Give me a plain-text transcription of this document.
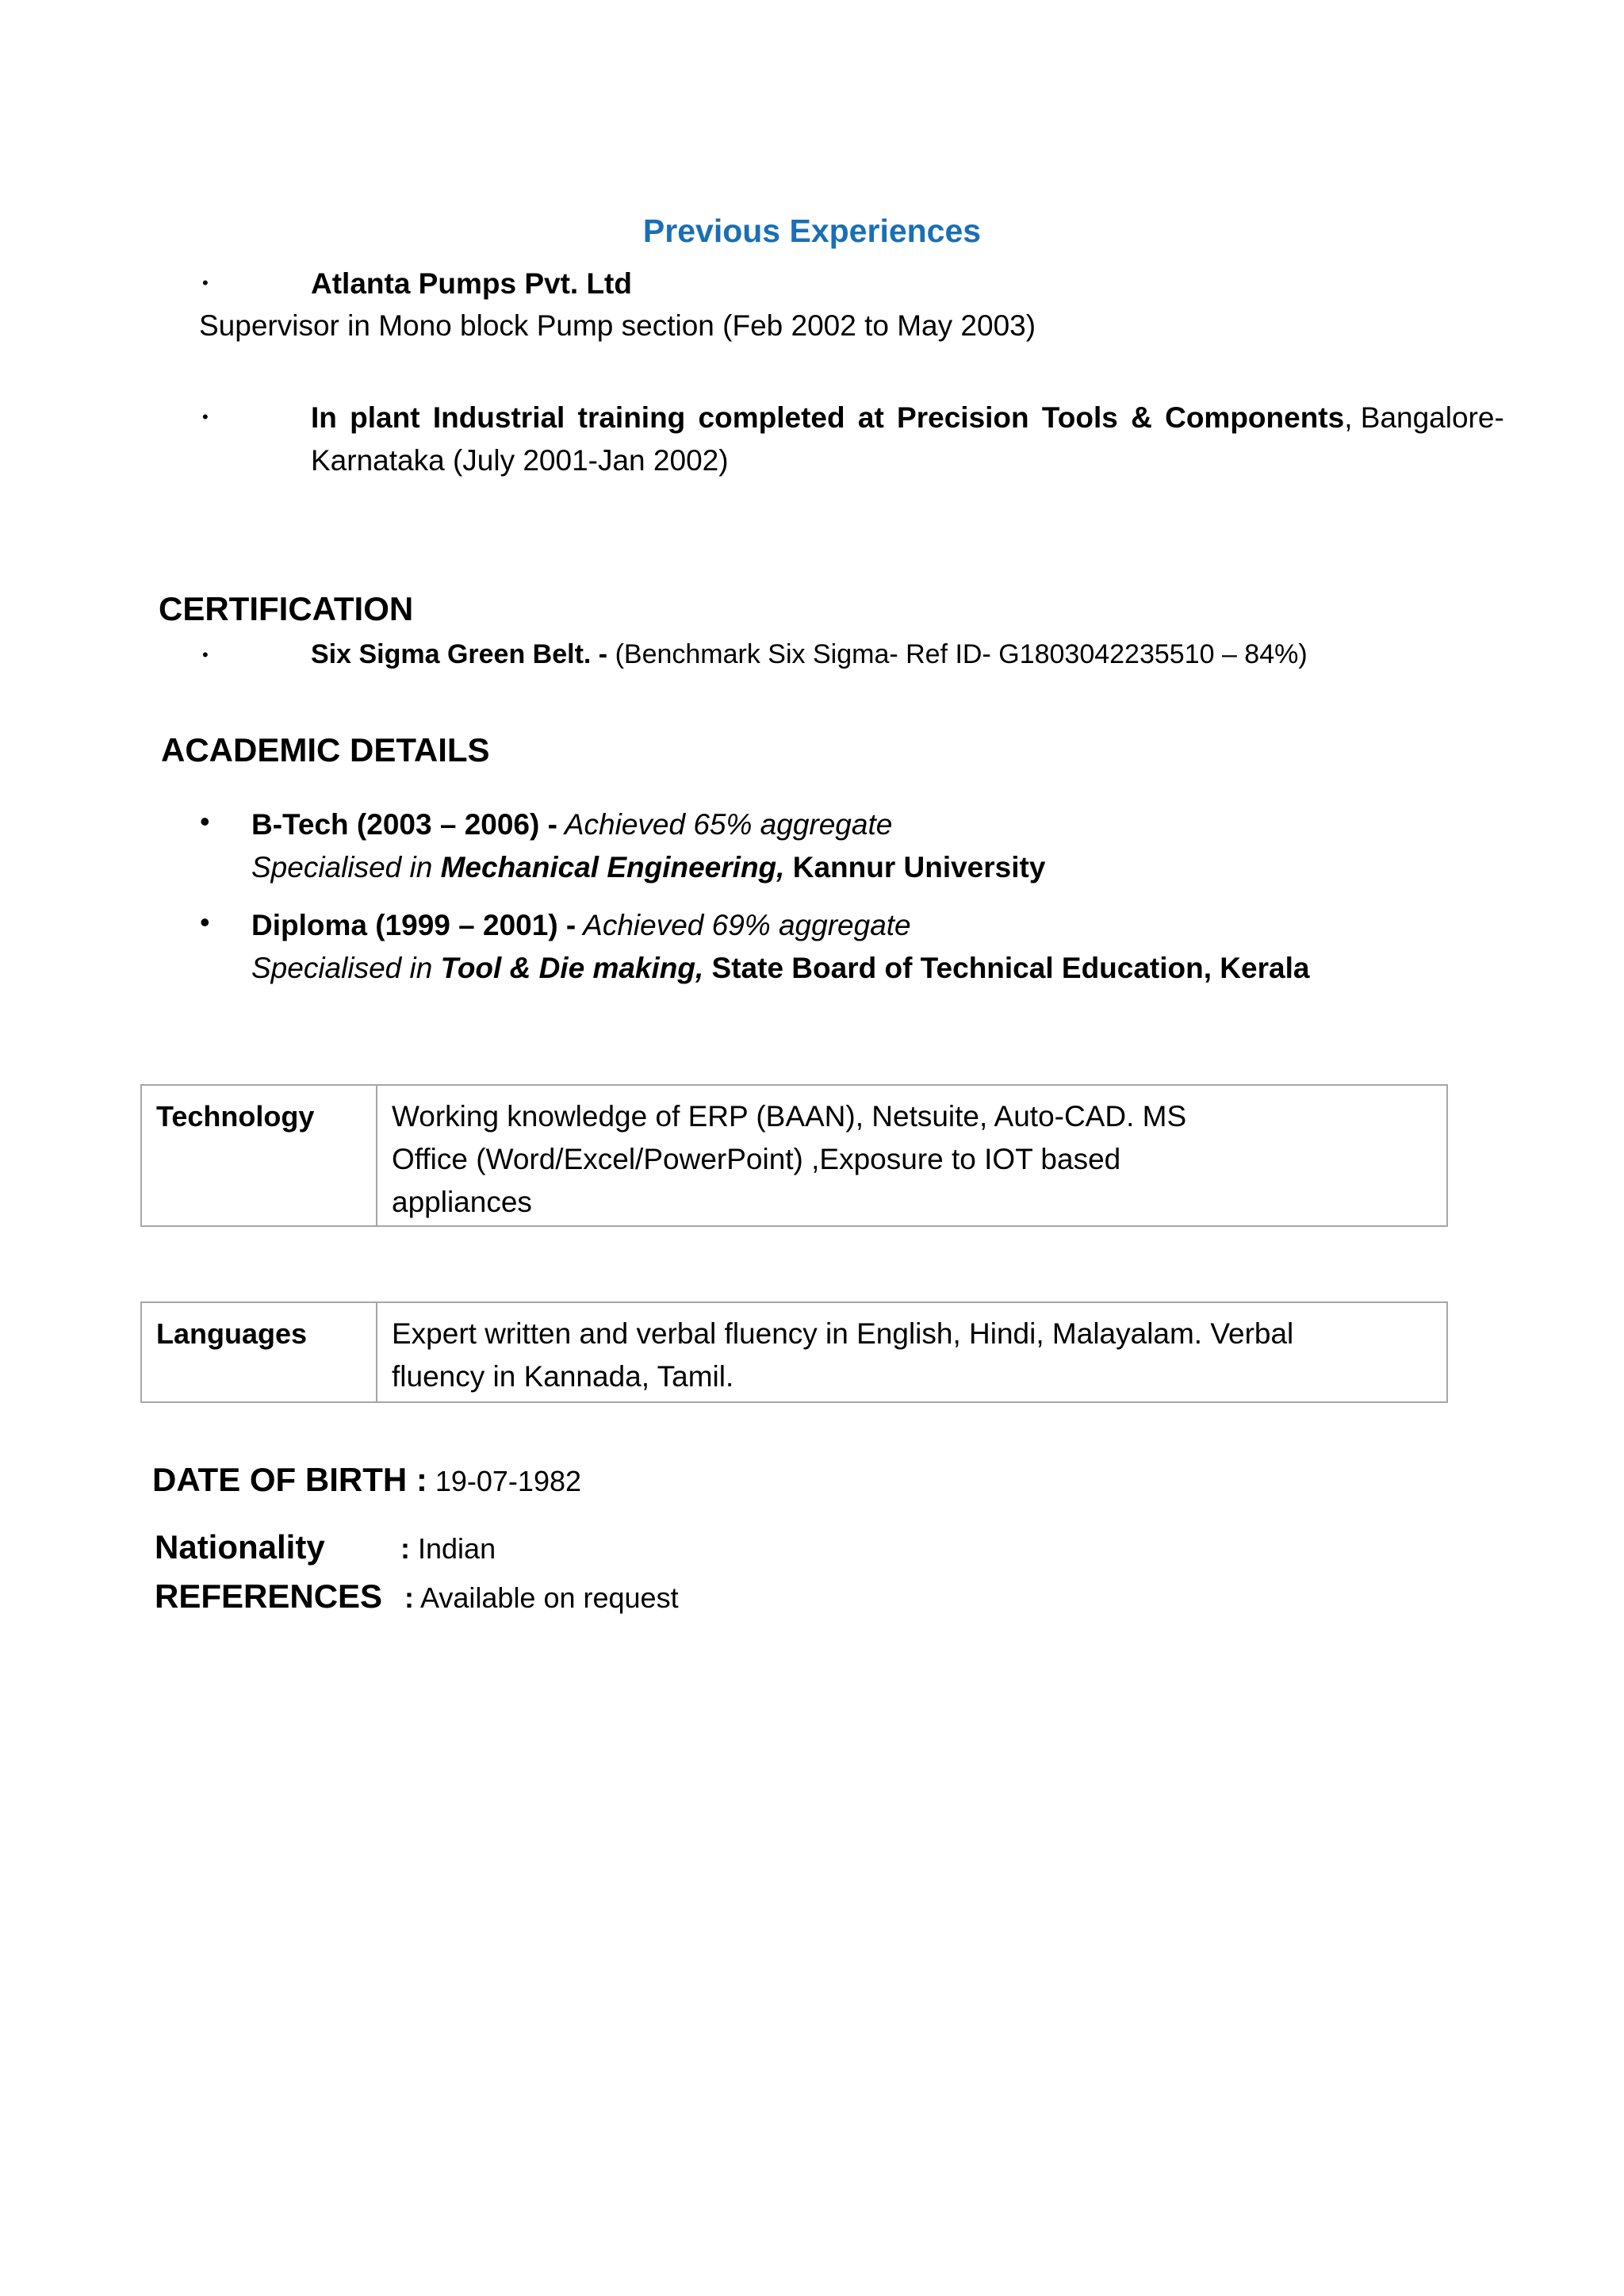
Previous Experiences
•	Atlanta Pumps Pvt. Ltd
Supervisor in Mono block Pump section (Feb 2002 to May 2003)
•	In plant Industrial training completed at Precision Tools & Components , Bangalore-
Karnataka (July 2001-Jan 2002)
CERTIFICATION
•	Six Sigma Green Belt. - (Benchmark Six Sigma- Ref ID- G1803042235510 – 84%)
ACADEMIC DETAILS
• B-Tech (2003 – 2006) - Achieved 65% aggregate
Specialised in Mechanical Engineering, Kannur University
• Diploma (1999 – 2001) - Achieved 69% aggregate
Specialised in Tool & Die making, State Board of Technical Education, Kerala
Technology	Working knowledge of ERP (BAAN), Netsuite, Auto-CAD. MS
Office (Word/Excel/PowerPoint) ,Exposure to IOT based
appliances
Languages	Expert written and verbal fluency in English, Hindi, Malayalam. Verbal
fluency in Kannada, Tamil.
DATE OF BIRTH : 19-07-1982
Nationality	: Indian
REFERENCES : Available on request
